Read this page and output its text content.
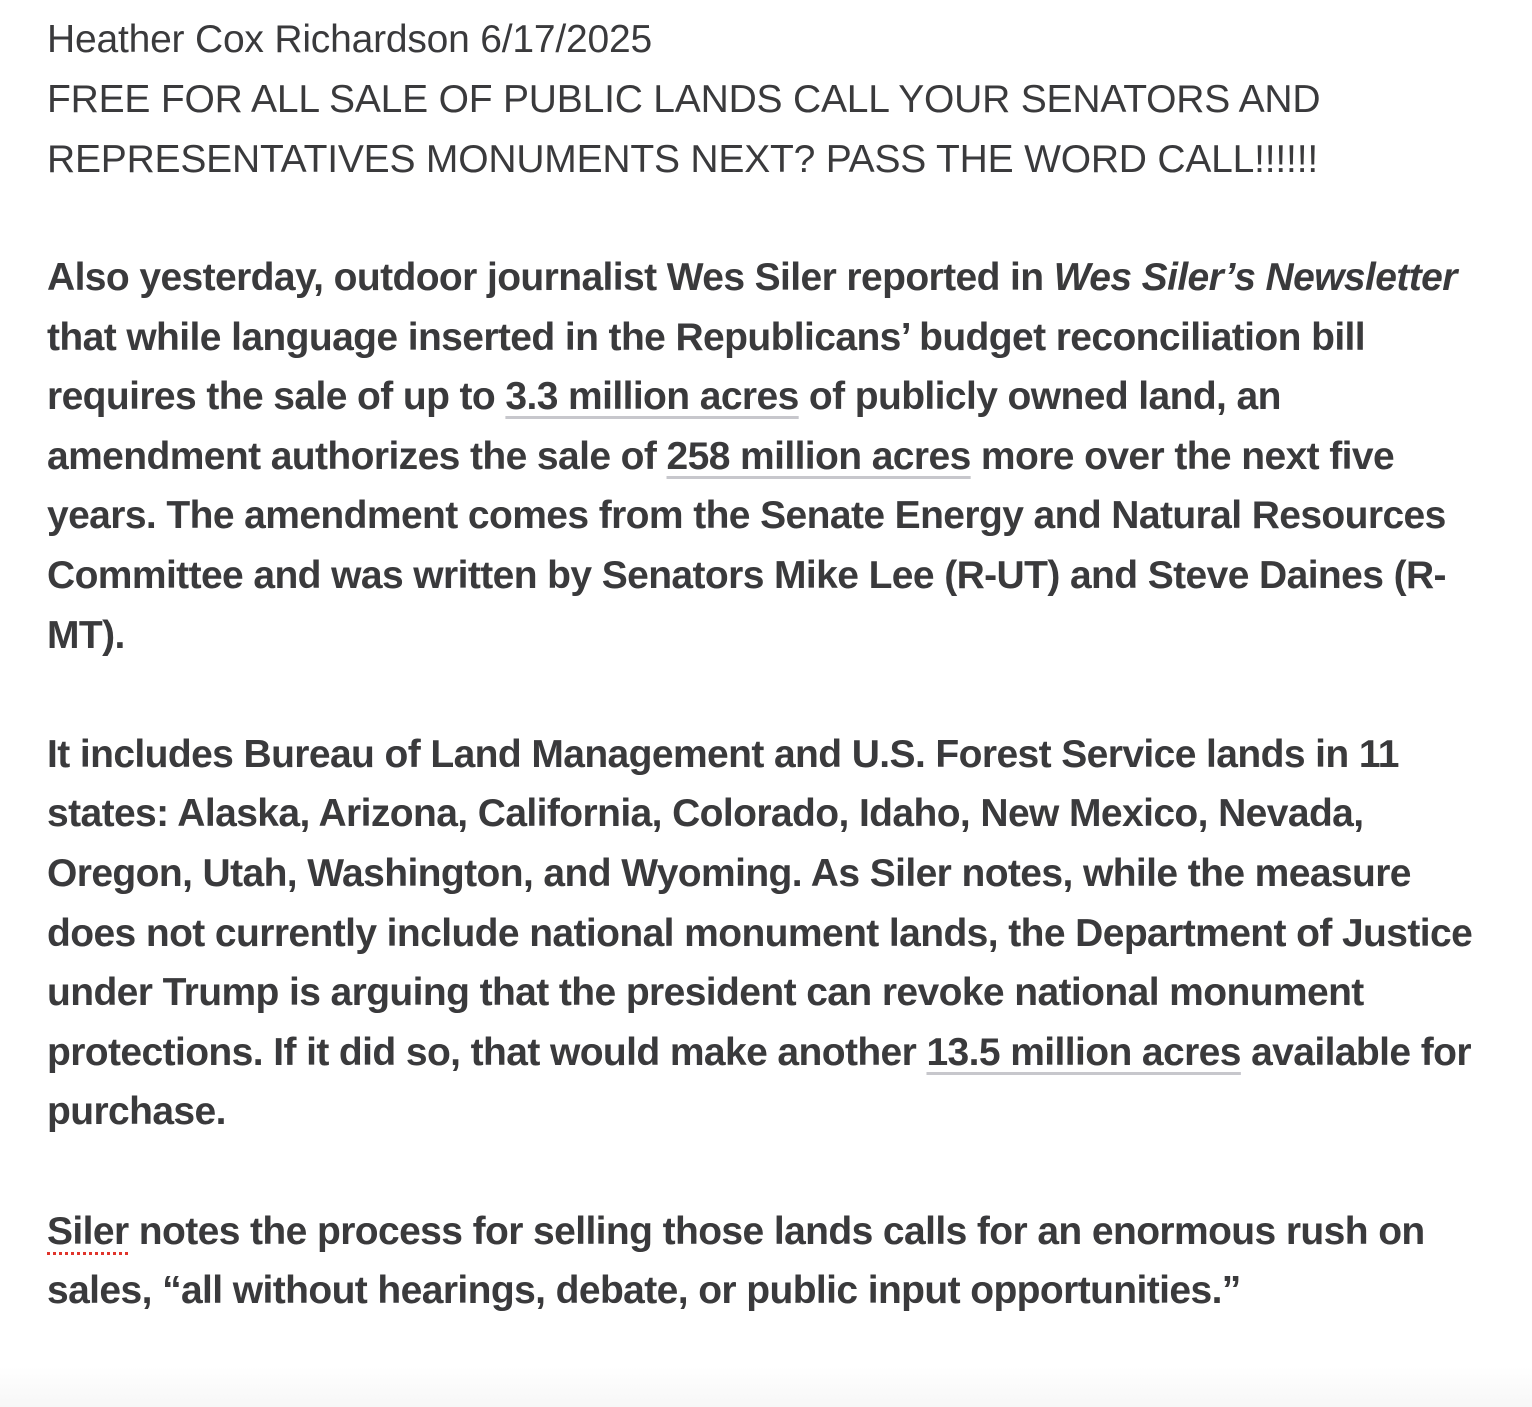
Heather Cox Richardson 6/17/2025
FREE FOR ALL SALE OF PUBLIC LANDS CALL YOUR SENATORS AND
REPRESENTATIVES MONUMENTS NEXT? PASS THE WORD CALL!!!!!!

Also yesterday, outdoor journalist Wes Siler reported in Wes Siler’s Newsletter that while language inserted in the Republicans’ budget reconciliation bill requires the sale of up to 3.3 million acres of publicly owned land, an amendment authorizes the sale of 258 million acres more over the next five years. The amendment comes from the Senate Energy and Natural Resources Committee and was written by Senators Mike Lee (R-UT) and Steve Daines (R-MT).

It includes Bureau of Land Management and U.S. Forest Service lands in 11 states: Alaska, Arizona, California, Colorado, Idaho, New Mexico, Nevada, Oregon, Utah, Washington, and Wyoming. As Siler notes, while the measure does not currently include national monument lands, the Department of Justice under Trump is arguing that the president can revoke national monument protections. If it did so, that would make another 13.5 million acres available for purchase.

Siler notes the process for selling those lands calls for an enormous rush on sales, “all without hearings, debate, or public input opportunities.”
